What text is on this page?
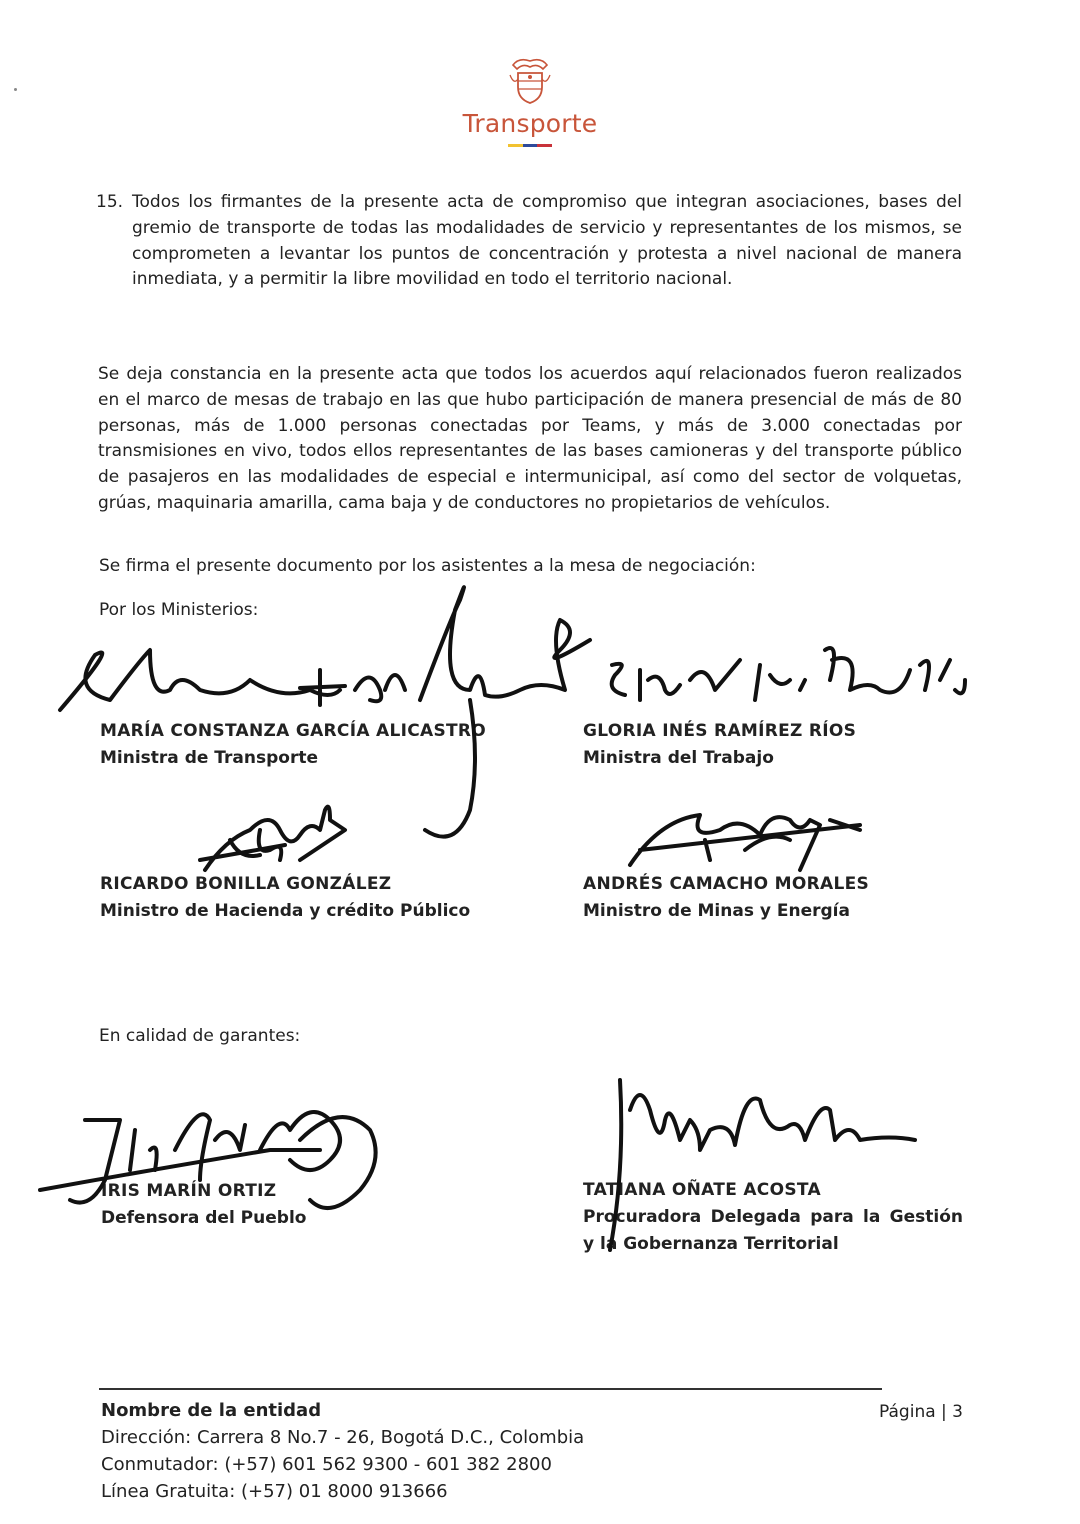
Transporte
15. Todos los firmantes de la presente acta de compromiso que integran asociaciones, bases del gremio de transporte de todas las modalidades de servicio y representantes de los mismos, se comprometen a levantar los puntos de concentración y protesta a nivel nacional de manera inmediata, y a permitir la libre movilidad en todo el territorio nacional.
Se deja constancia en la presente acta que todos los acuerdos aquí relacionados fueron realizados en el marco de mesas de trabajo en las que hubo participación de manera presencial de más de 80 personas, más de 1.000 personas conectadas por Teams, y más de 3.000 conectadas por transmisiones en vivo, todos ellos representantes de las bases camioneras y del transporte público de pasajeros en las modalidades de especial e intermunicipal, así como del sector de volquetas, grúas, maquinaria amarilla, cama baja y de conductores no propietarios de vehículos.
Se firma el presente documento por los asistentes a la mesa de negociación:
Por los Ministerios:
MARÍA CONSTANZA GARCÍA ALICASTRO
Ministra de Transporte
GLORIA INÉS RAMÍREZ RÍOS
Ministra del Trabajo
RICARDO BONILLA GONZÁLEZ
Ministro de Hacienda y crédito Público
ANDRÉS CAMACHO MORALES
Ministro de Minas y Energía
En calidad de garantes:
IRIS MARÍN ORTIZ
Defensora del Pueblo
TATIANA OÑATE ACOSTA
Procuradora Delegada para la Gestión y la Gobernanza Territorial
Nombre de la entidad
Dirección: Carrera 8 No.7 - 26, Bogotá D.C., Colombia
Conmutador: (+57) 601 562 9300 - 601 382 2800
Línea Gratuita: (+57) 01 8000 913666
Página | 3
